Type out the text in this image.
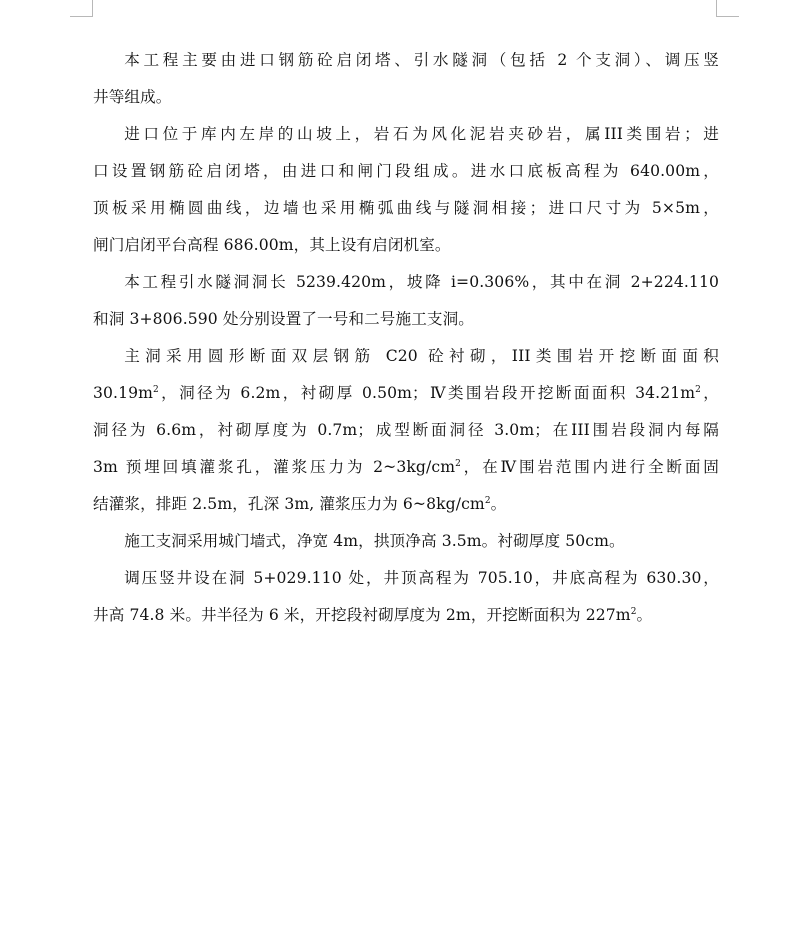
本工程主要由进口钢筋砼启闭塔、引水隧洞（包括 2 个支洞）、调压竖
井等组成。

进口位于库内左岸的山坡上，岩石为风化泥岩夹砂岩，属III类围岩；进
口设置钢筋砼启闭塔，由进口和闸门段组成。进水口底板高程为 640.00m，
顶板采用椭圆曲线，边墙也采用椭弧曲线与隧洞相接；进口尺寸为 5×5m，
闸门启闭平台高程 686.00m，其上设有启闭机室。

本工程引水隧洞洞长 5239.420m，坡降 i=0.306%，其中在洞 2+224.110
和洞 3+806.590 处分别设置了一号和二号施工支洞。

主洞采用圆形断面双层钢筋 C20 砼衬砌，III类围岩开挖断面面积
$30.19m^2$，洞径为 6.2m，衬砌厚 0.50m；Ⅳ类围岩段开挖断面面积 $34.21m^2$，
洞径为 6.6m，衬砌厚度为 0.7m；成型断面洞径 3.0m；在III围岩段洞内每隔
3m 预埋回填灌浆孔，灌浆压力为 $2\sim 3kg/cm^2$，在Ⅳ围岩范围内进行全断面固
结灌浆，排距 2.5m，孔深 3m, 灌浆压力为 $6\sim 8kg/cm^2$。

施工支洞采用城门墙式，净宽 4m，拱顶净高 3.5m。衬砌厚度 50cm。

调压竖井设在洞 5+029.110 处，井顶高程为 705.10，井底高程为 630.30，
井高 74.8 米。井半径为 6 米，开挖段衬砌厚度为 2m，开挖断面积为 $227m^2$。
